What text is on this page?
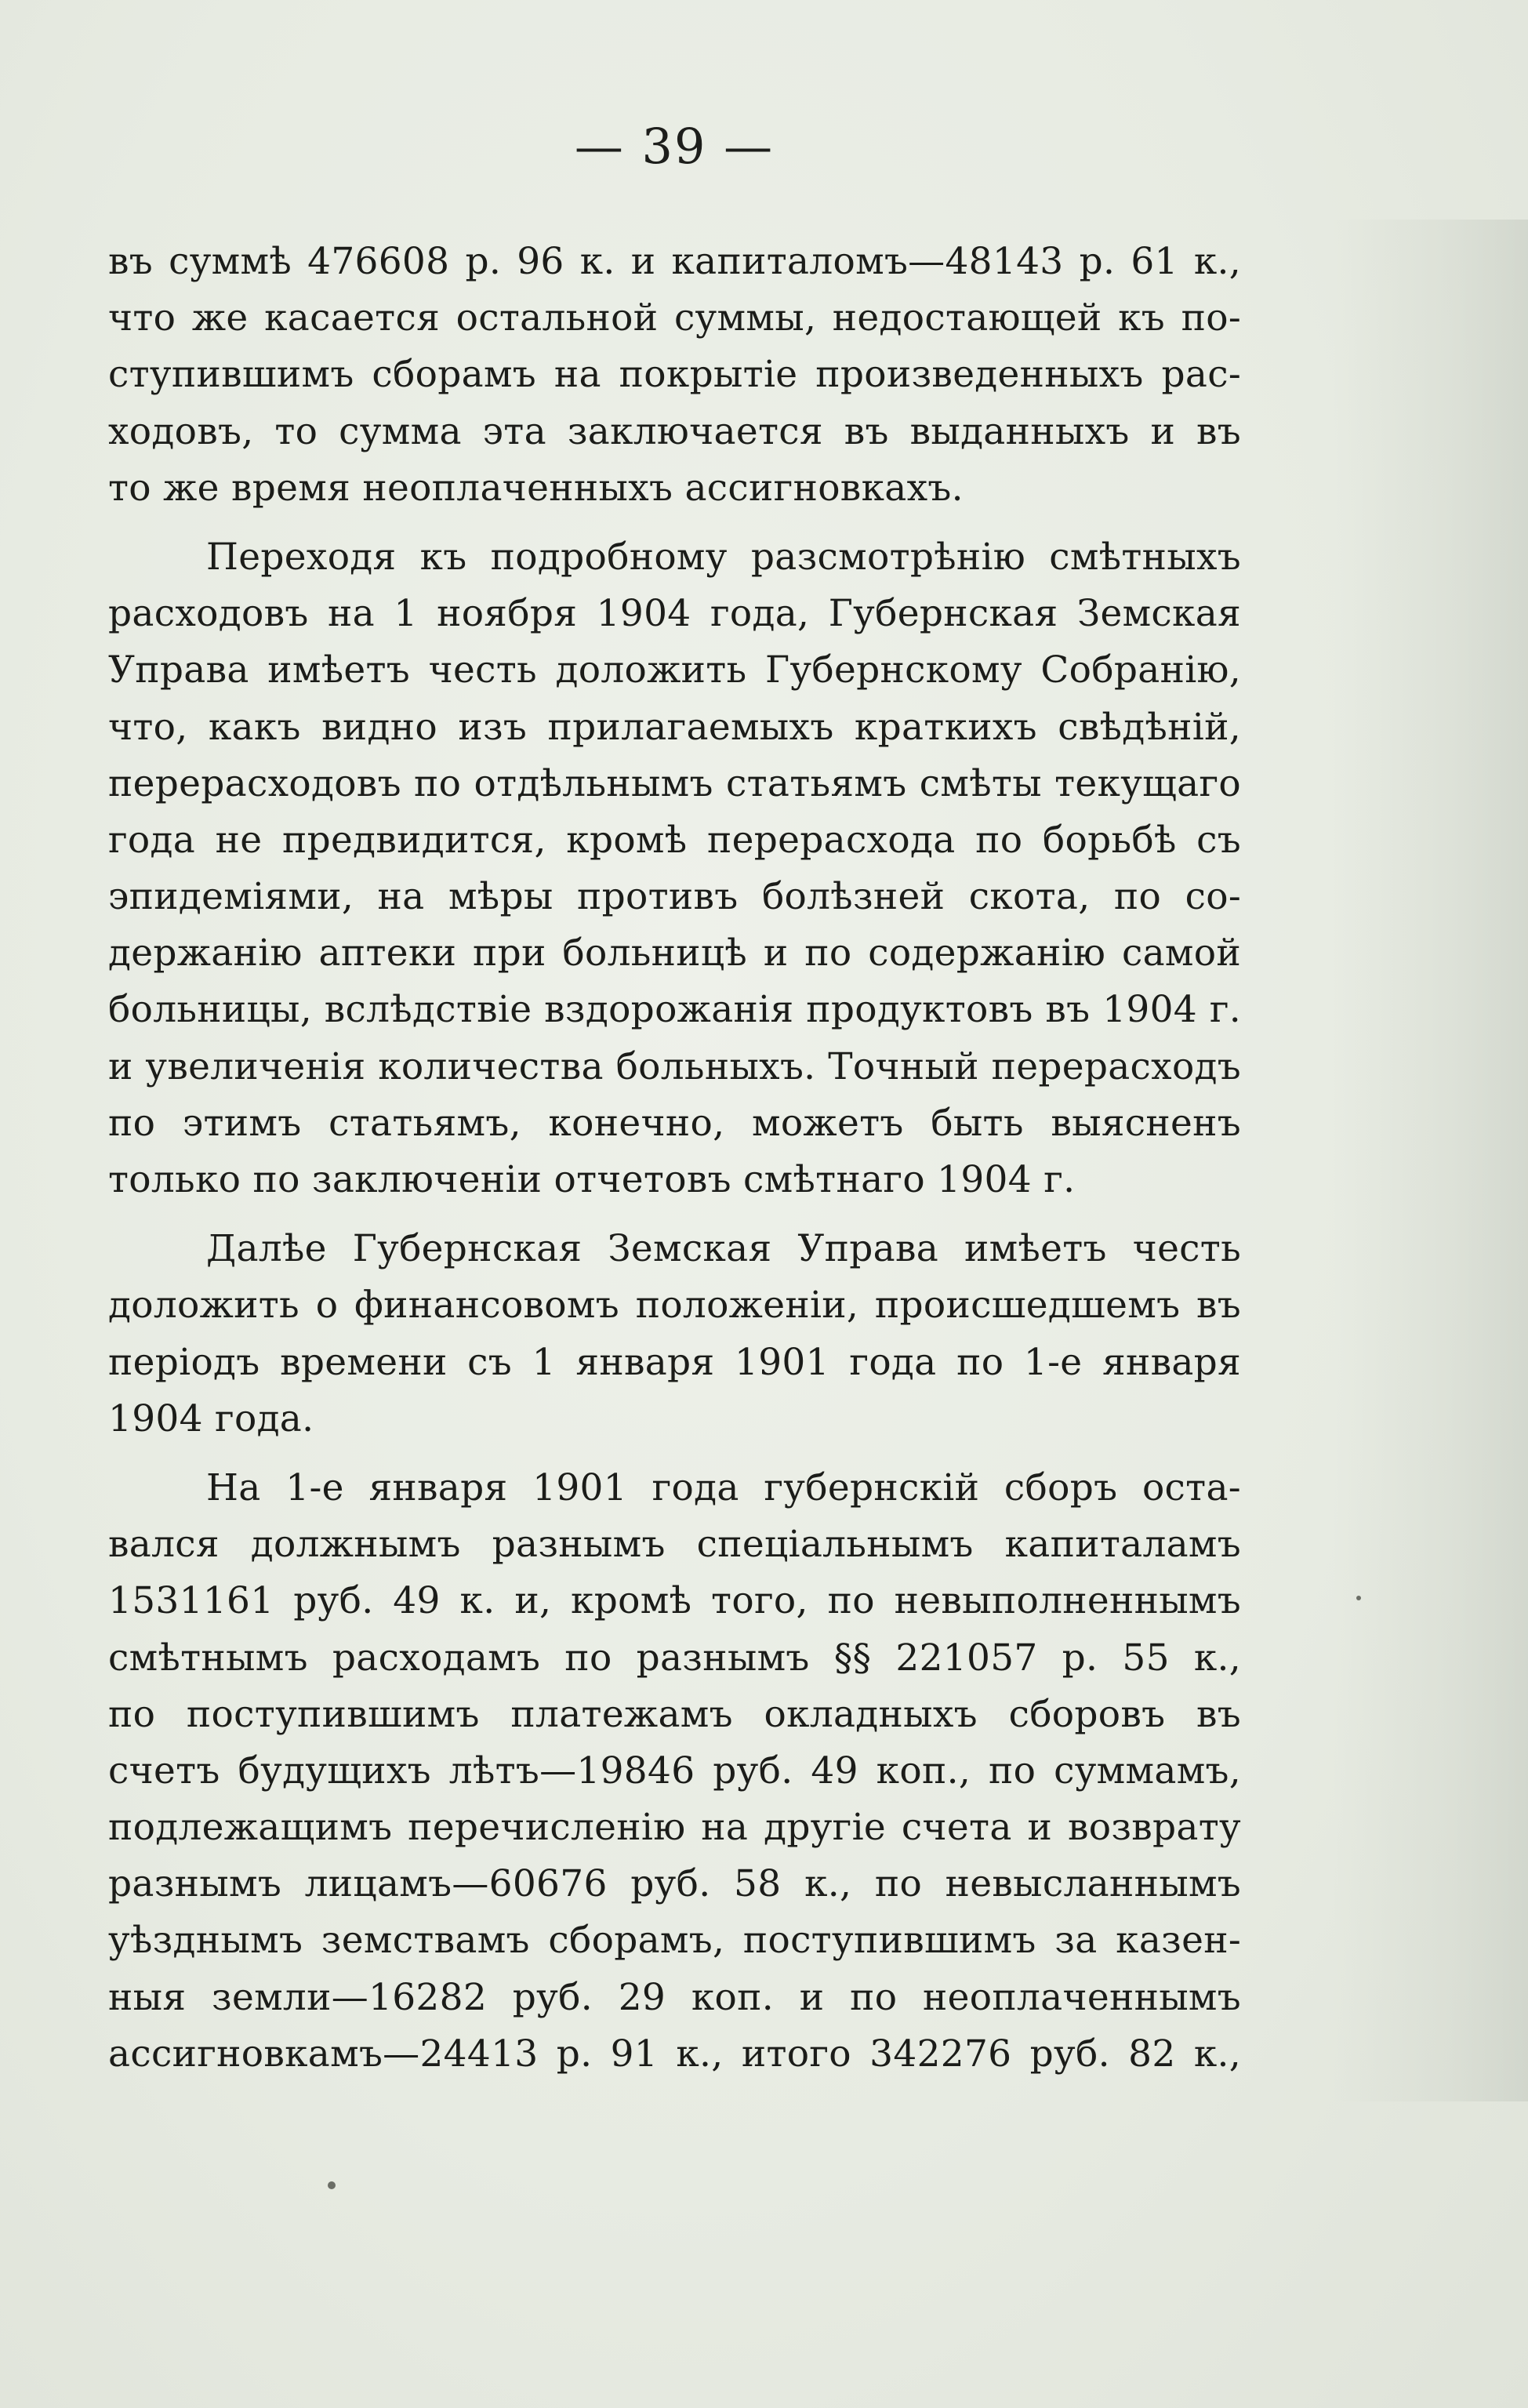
— 39 —
въ суммѣ 476608 р. 96 к. и капиталомъ—48143 р. 61 к.,
что же касается остальной суммы, недостающей къ по-
ступившимъ сборамъ на покрытіе произведенныхъ рас-
ходовъ, то сумма эта заключается въ выданныхъ и въ
то же время неоплаченныхъ ассигновкахъ.
Переходя къ подробному разсмотрѣнію смѣтныхъ
расходовъ на 1 ноября 1904 года, Губернская Земская
Управа имѣетъ честь доложить Губернскому Собранію,
что, какъ видно изъ прилагаемыхъ краткихъ свѣдѣній,
перерасходовъ по отдѣльнымъ статьямъ смѣты текущаго
года не предвидится, кромѣ перерасхода по борьбѣ съ
эпидеміями, на мѣры противъ болѣзней скота, по со-
держанію аптеки при больницѣ и по содержанію самой
больницы, вслѣдствіе вздорожанія продуктовъ въ 1904 г.
и увеличенія количества больныхъ. Точный перерасходъ
по этимъ статьямъ, конечно, можетъ быть выясненъ
только по заключеніи отчетовъ смѣтнаго 1904 г.
Далѣе Губернская Земская Управа имѣетъ честь
доложить о финансовомъ положеніи, происшедшемъ въ
періодъ времени съ 1 января 1901 года по 1-е января
1904 года.
На 1-е января 1901 года губернскій сборъ оста-
вался должнымъ разнымъ спеціальнымъ капиталамъ
1531161 руб. 49 к. и, кромѣ того, по невыполненнымъ
смѣтнымъ расходамъ по разнымъ §§ 221057 р. 55 к.,
по поступившимъ платежамъ окладныхъ сборовъ въ
счетъ будущихъ лѣтъ—19846 руб. 49 коп., по суммамъ,
подлежащимъ перечисленію на другіе счета и возврату
разнымъ лицамъ—60676 руб. 58 к., по невысланнымъ
уѣзднымъ земствамъ сборамъ, поступившимъ за казен-
ныя земли—16282 руб. 29 коп. и по неоплаченнымъ
ассигновкамъ—24413 р. 91 к., итого 342276 руб. 82 к.,
